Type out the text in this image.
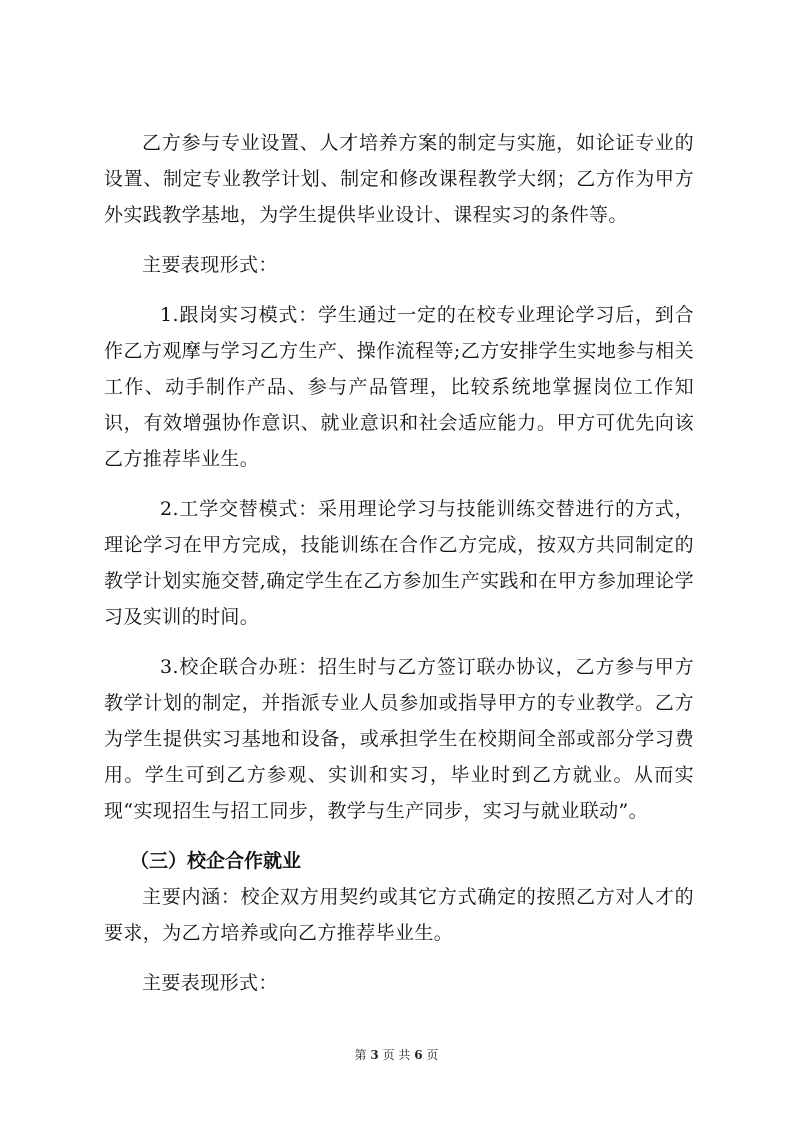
乙方参与专业设置、人才培养方案的制定与实施，如论证专业的设置、制定专业教学计划、制定和修改课程教学大纲；乙方作为甲方外实践教学基地，为学生提供毕业设计、课程实习的条件等。

主要表现形式：

1.跟岗实习模式：学生通过一定的在校专业理论学习后，到合作乙方观摩与学习乙方生产、操作流程等;乙方安排学生实地参与相关工作、动手制作产品、参与产品管理，比较系统地掌握岗位工作知识，有效增强协作意识、就业意识和社会适应能力。甲方可优先向该乙方推荐毕业生。

2.工学交替模式：采用理论学习与技能训练交替进行的方式，理论学习在甲方完成，技能训练在合作乙方完成，按双方共同制定的教学计划实施交替,确定学生在乙方参加生产实践和在甲方参加理论学习及实训的时间。

3.校企联合办班：招生时与乙方签订联办协议，乙方参与甲方教学计划的制定，并指派专业人员参加或指导甲方的专业教学。乙方为学生提供实习基地和设备，或承担学生在校期间全部或部分学习费用。学生可到乙方参观、实训和实习，毕业时到乙方就业。从而实现“实现招生与招工同步，教学与生产同步，实习与就业联动”。

（三）校企合作就业

主要内涵：校企双方用契约或其它方式确定的按照乙方对人才的要求，为乙方培养或向乙方推荐毕业生。

主要表现形式：

第 3 页 共 6 页
